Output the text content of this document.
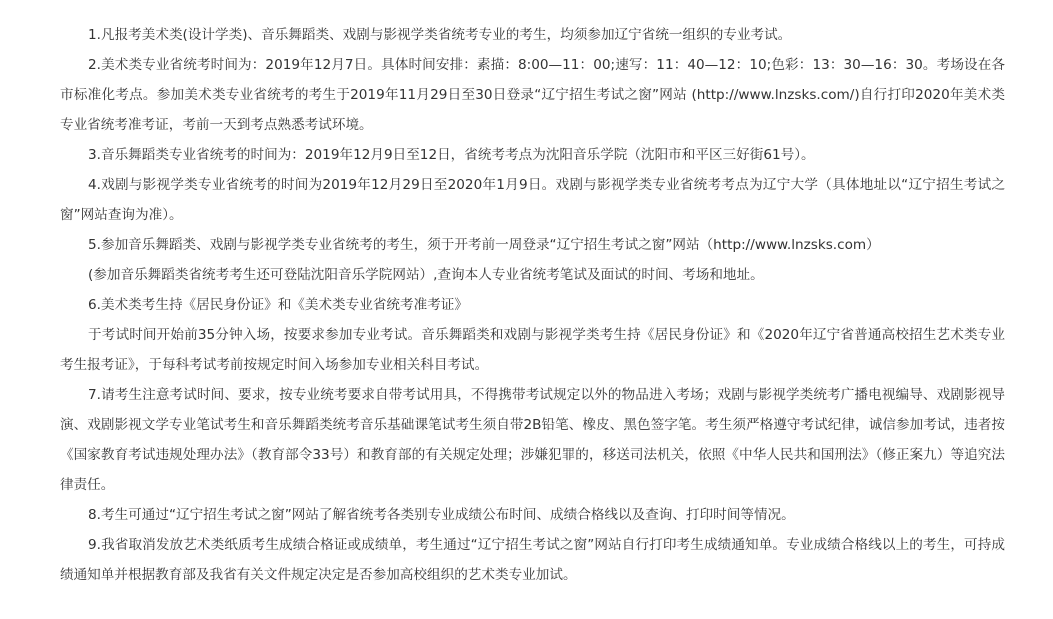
1.凡报考美术类(设计学类)、音乐舞蹈类、戏剧与影视学类省统考专业的考生，均须参加辽宁省统一组织的专业考试。

2.美术类专业省统考时间为：2019年12月7日。具体时间安排：素描：8:00—11：00;速写：11：40—12：10;色彩：13：30—16：30。考场设在各市标准化考点。参加美术类专业省统考的考生于2019年11月29日至30日登录“辽宁招生考试之窗”网站 (http://www.lnzsks.com/)自行打印2020年美术类专业省统考准考证，考前一天到考点熟悉考试环境。

3.音乐舞蹈类专业省统考的时间为：2019年12月9日至12日，省统考考点为沈阳音乐学院（沈阳市和平区三好街61号）。

4.戏剧与影视学类专业省统考的时间为2019年12月29日至2020年1月9日。戏剧与影视学类专业省统考考点为辽宁大学（具体地址以“辽宁招生考试之窗”网站查询为准）。

5.参加音乐舞蹈类、戏剧与影视学类专业省统考的考生，须于开考前一周登录“辽宁招生考试之窗”网站（http://www.lnzsks.com）

(参加音乐舞蹈类省统考考生还可登陆沈阳音乐学院网站）,查询本人专业省统考笔试及面试的时间、考场和地址。

6.美术类考生持《居民身份证》和《美术类专业省统考准考证》

于考试时间开始前35分钟入场，按要求参加专业考试。音乐舞蹈类和戏剧与影视学类考生持《居民身份证》和《2020年辽宁省普通高校招生艺术类专业考生报考证》，于每科考试考前按规定时间入场参加专业相关科目考试。

7.请考生注意考试时间、要求，按专业统考要求自带考试用具，不得携带考试规定以外的物品进入考场；戏剧与影视学类统考广播电视编导、戏剧影视导演、戏剧影视文学专业笔试考生和音乐舞蹈类统考音乐基础课笔试考生须自带2B铅笔、橡皮、黑色签字笔。考生须严格遵守考试纪律，诚信参加考试，违者按《国家教育考试违规处理办法》（教育部令33号）和教育部的有关规定处理；涉嫌犯罪的，移送司法机关，依照《中华人民共和国刑法》（修正案九）等追究法律责任。

8.考生可通过“辽宁招生考试之窗”网站了解省统考各类别专业成绩公布时间、成绩合格线以及查询、打印时间等情况。

9.我省取消发放艺术类纸质考生成绩合格证或成绩单，考生通过“辽宁招生考试之窗”网站自行打印考生成绩通知单。专业成绩合格线以上的考生，可持成绩通知单并根据教育部及我省有关文件规定决定是否参加高校组织的艺术类专业加试。
